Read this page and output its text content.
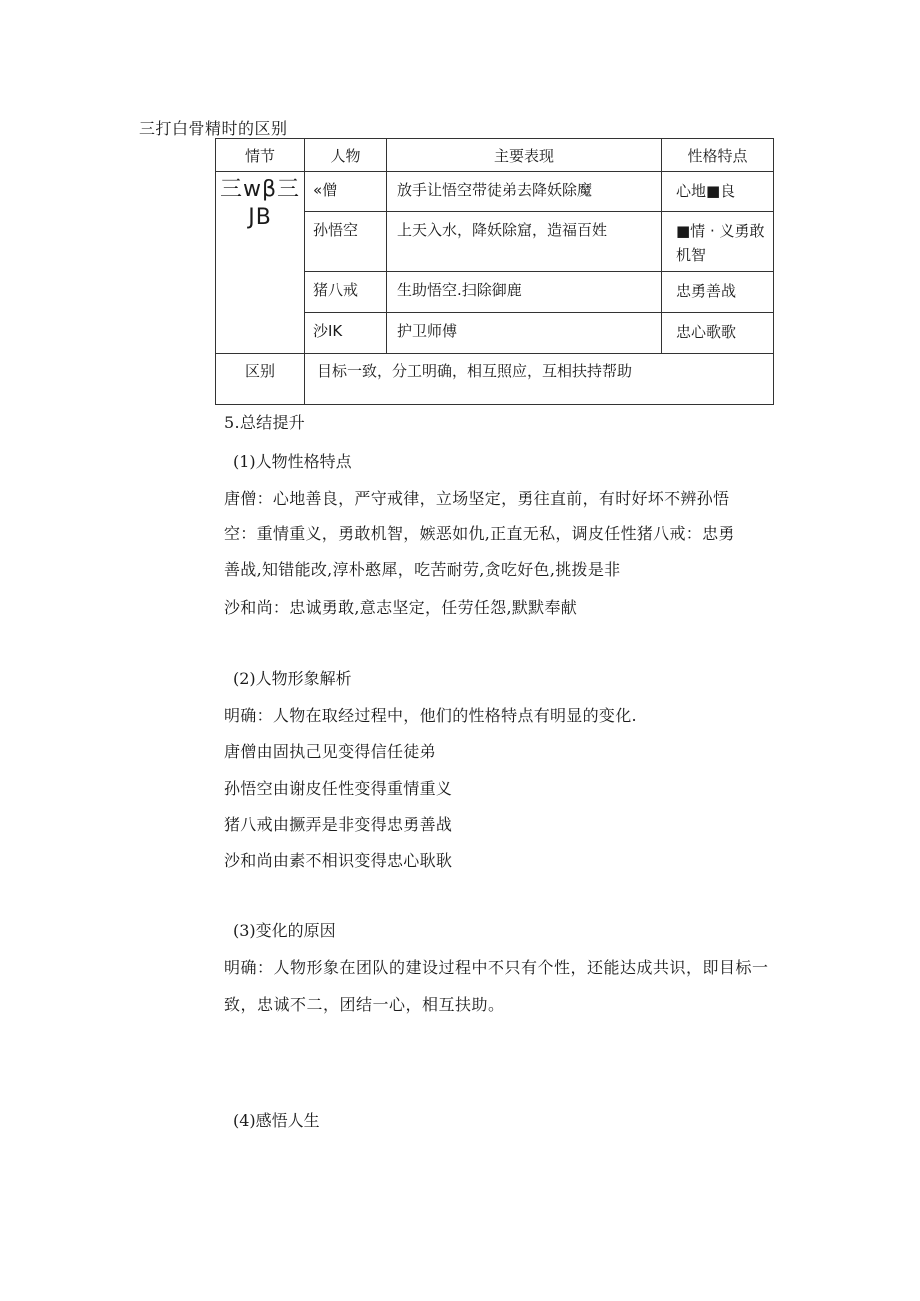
三打白骨精时的区别
情节	人物	主要表现	性格特点
三wβ三 JB	«僧	放手让悟空带徒弟去降妖除魔	心地■良
	孙悟空	上天入水，降妖除窟，造福百姓	■情 · 义勇敢机智
	猪八戒	生助悟空.扫除御鹿	忠勇善战
	沙IK	护卫师傅	忠心歌歌
区别	目标一致，分工明确，相互照应，互相扶持帮助		
5.总结提升
(1)人物性格特点
唐僧：心地善良，严守戒律，立场坚定，勇往直前，有时好坏不辨孙悟
空：重情重义，勇敢机智，嫉恶如仇,正直无私，调皮任性猪八戒：忠勇
善战,知错能改,淳朴憨犀，吃苦耐劳,贪吃好色,挑拨是非
沙和尚：忠诚勇敢,意志坚定，任劳任怨,默默奉献
(2)人物形象解析
明确：人物在取经过程中，他们的性格特点有明显的变化.
唐僧由固执己见变得信任徒弟
孙悟空由谢皮任性变得重情重义
猪八戒由撅弄是非变得忠勇善战
沙和尚由素不相识变得忠心耿耿
(3)变化的原因
明确：人物形象在团队的建设过程中不只有个性，还能达成共识，即目标一致，忠诚不二，团结一心，相互扶助。
(4)感悟人生
